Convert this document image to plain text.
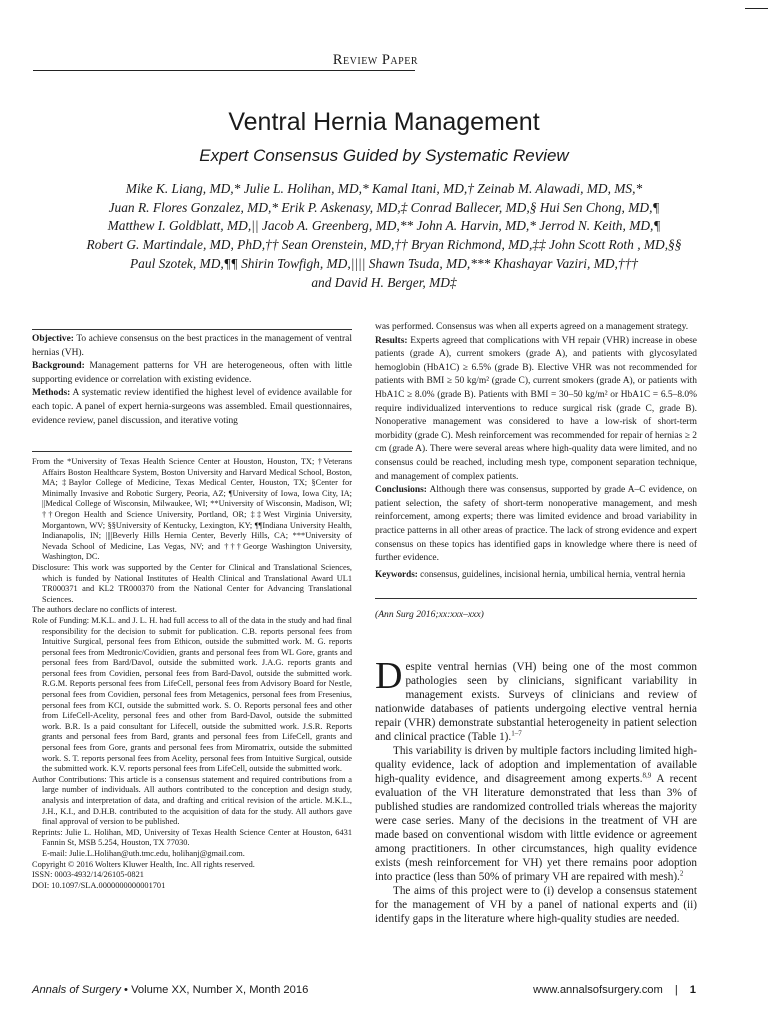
Review Paper
Ventral Hernia Management
Expert Consensus Guided by Systematic Review
Mike K. Liang, MD,* Julie L. Holihan, MD,* Kamal Itani, MD,† Zeinab M. Alawadi, MD, MS,*
Juan R. Flores Gonzalez, MD,* Erik P. Askenasy, MD,‡ Conrad Ballecer, MD,§ Hui Sen Chong, MD,¶
Matthew I. Goldblatt, MD,|| Jacob A. Greenberg, MD,** John A. Harvin, MD,* Jerrod N. Keith, MD,¶
Robert G. Martindale, MD, PhD,†† Sean Orenstein, MD,†† Bryan Richmond, MD,‡‡ John Scott Roth , MD,§§
Paul Szotek, MD,¶¶ Shirin Towfigh, MD,|||| Shawn Tsuda, MD,*** Khashayar Vaziri, MD,†††
and David H. Berger, MD‡

Objective: To achieve consensus on the best practices in the management of ventral hernias (VH).

Background: Management patterns for VH are heterogeneous, often with little supporting evidence or correlation with existing evidence.

Methods: A systematic review identified the highest level of evidence available for each topic. A panel of expert hernia-surgeons was assembled. Email questionnaires, evidence review, panel discussion, and iterative voting

was performed. Consensus was when all experts agreed on a management strategy.

Results: Experts agreed that complications with VH repair (VHR) increase in obese patients (grade A), current smokers (grade A), and patients with glycosylated hemoglobin (HbA1C) ≥ 6.5% (grade B). Elective VHR was not recommended for patients with BMI ≥ 50 kg/m² (grade C), current smokers (grade A), or patients with HbA1C ≥ 8.0% (grade B). Patients with BMI = 30–50 kg/m² or HbA1C = 6.5–8.0% require individualized interventions to reduce surgical risk (grade C, grade B). Nonoperative management was considered to have a low-risk of short-term morbidity (grade C). Mesh reinforcement was recommended for repair of hernias ≥ 2 cm (grade A). There were several areas where high-quality data were limited, and no consensus could be reached, including mesh type, component separation technique, and management of complex patients.

Conclusions: Although there was consensus, supported by grade A–C evidence, on patient selection, the safety of short-term nonoperative management, and mesh reinforcement, among experts; there was limited evidence and broad variability in practice patterns in all other areas of practice. The lack of strong evidence and expert consensus on these topics has identified gaps in knowledge where there is need of further evidence.

Keywords: consensus, guidelines, incisional hernia, umbilical hernia, ventral hernia
(Ann Surg 2016;xx:xxx–xxx)

From the *University of Texas Health Science Center at Houston, Houston, TX; †Veterans Affairs Boston Healthcare System, Boston University and Harvard Medical School, Boston, MA; ‡Baylor College of Medicine, Texas Medical Center, Houston, TX; §Center for Minimally Invasive and Robotic Surgery, Peoria, AZ; ¶University of Iowa, Iowa City, IA; ||Medical College of Wisconsin, Milwaukee, WI; **University of Wisconsin, Madison, WI; ††Oregon Health and Science University, Portland, OR; ‡‡West Virginia University, Morgantown, WV; §§University of Kentucky, Lexington, KY; ¶¶Indiana University Health, Indianapolis, IN; ||||Beverly Hills Hernia Center, Beverly Hills, CA; ***University of Nevada School of Medicine, Las Vegas, NV; and †††George Washington University, Washington, DC.

Disclosure: This work was supported by the Center for Clinical and Translational Sciences, which is funded by National Institutes of Health Clinical and Translational Award UL1 TR000371 and KL2 TR000370 from the National Center for Advancing Translational Sciences.

The authors declare no conflicts of interest.

Role of Funding: M.K.L. and J. L. H. had full access to all of the data in the study and had final responsibility for the decision to submit for publication. C.B. reports personal fees from Intuitive Surgical, personal fees from Ethicon, outside the submitted work. M. G. reports personal fees from Medtronic/Covidien, grants and personal fees from WL Gore, grants and personal fees from Bard/Davol, outside the submitted work. J.A.G. reports grants and personal fees from Covidien, personal fees from Bard-Davol, outside the submitted work. R.G.M. Reports personal fees from LifeCell, personal fees from Advisory Board for Nestle, personal fees from Covidien, personal fees from Metagenics, personal fees from Fresenius, personal fees from KCI, outside the submitted work. S. O. Reports personal fees and other from LifeCell-Acelity, personal fees and other from Bard-Davol, outside the submitted work. B.R. Is a paid consultant for Lifecell, outside the submitted work. J.S.R. Reports grants and personal fees from Bard, grants and personal fees from LifeCell, grants and personal fees from Gore, grants and personal fees from Miromatrix, outside the submitted work. S. T. reports personal fees from Acelity, personal fees from Intuitive Surgical, outside the submitted work. K.V. reports personal fees from LifeCell, outside the submitted work.

Author Contributions: This article is a consensus statement and required contributions from a large number of individuals. All authors contributed to the conception and design study, analysis and interpretation of data, and drafting and critical revision of the article. M.K.L., J.H., K.I., and D.H.B. contributed to the acquisition of data for the study. All authors gave final approval of version to be published.

Reprints: Julie L. Holihan, MD, University of Texas Health Science Center at Houston, 6431 Fannin St, MSB 5.254, Houston, TX 77030.

E-mail: Julie.L.Holihan@uth.tmc.edu, holihanj@gmail.com.

Copyright © 2016 Wolters Kluwer Health, Inc. All rights reserved.

ISSN: 0003-4932/14/26105-0821

DOI: 10.1097/SLA.0000000000001701

Despite ventral hernias (VH) being one of the most common pathologies seen by clinicians, significant variability in management exists. Surveys of clinicians and review of nationwide databases of patients undergoing elective ventral hernia repair (VHR) demonstrate substantial heterogeneity in patient selection and clinical practice (Table 1).$^{1-7}$

This variability is driven by multiple factors including limited high-quality evidence, lack of adoption and implementation of available high-quality evidence, and disagreement among experts.$^{8,9}$ A recent evaluation of the VH literature demonstrated that less than 3% of published studies are randomized controlled trials whereas the majority were case series. Many of the decisions in the treatment of VH are made based on conventional wisdom with little evidence or agreement among practitioners. In other circumstances, high quality evidence exists (mesh reinforcement for VH) yet there remains poor adoption into practice (less than 50% of primary VH are repaired with mesh).$^2$

The aims of this project were to (i) develop a consensus statement for the management of VH by a panel of national experts and (ii) identify gaps in the literature where high-quality studies are needed.

Annals of Surgery • Volume XX, Number X, Month 2016	www.annalsofsurgery.com | 1
